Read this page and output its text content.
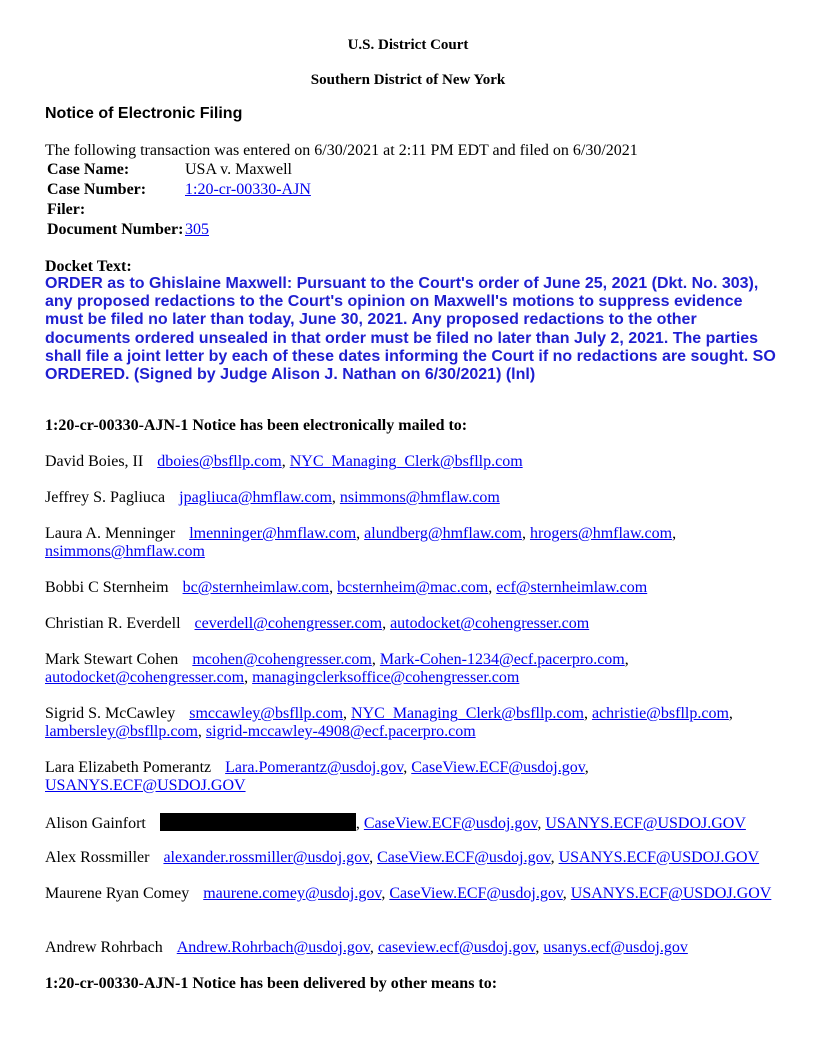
U.S. District Court
Southern District of New York
Notice of Electronic Filing
The following transaction was entered on 6/30/2021 at 2:11 PM EDT and filed on 6/30/2021
Case Name:	USA v. Maxwell
Case Number: 1:20-cr-00330-AJN
Filer:
Document Number: 305
Docket Text:
ORDER as to Ghislaine Maxwell: Pursuant to the Court's order of June 25, 2021 (Dkt. No. 303), any proposed redactions to the Court's opinion on Maxwell's motions to suppress evidence must be filed no later than today, June 30, 2021. Any proposed redactions to the other documents ordered unsealed in that order must be filed no later than July 2, 2021. The parties shall file a joint letter by each of these dates informing the Court if no redactions are sought. SO ORDERED. (Signed by Judge Alison J. Nathan on 6/30/2021) (lnl)
1:20-cr-00330-AJN-1 Notice has been electronically mailed to:
David Boies, II dboies@bsfllp.com, NYC_Managing_Clerk@bsfllp.com
Jeffrey S. Pagliuca jpagliuca@hmflaw.com, nsimmons@hmflaw.com
Laura A. Menninger lmenninger@hmflaw.com, alundberg@hmflaw.com, hrogers@hmflaw.com, nsimmons@hmflaw.com
Bobbi C Sternheim bc@sternheimlaw.com, bcsternheim@mac.com, ecf@sternheimlaw.com
Christian R. Everdell ceverdell@cohengresser.com, autodocket@cohengresser.com
Mark Stewart Cohen mcohen@cohengresser.com, Mark-Cohen-1234@ecf.pacerpro.com, autodocket@cohengresser.com, managingclerksoffice@cohengresser.com
Sigrid S. McCawley smccawley@bsfllp.com, NYC_Managing_Clerk@bsfllp.com, achristie@bsfllp.com, lambersley@bsfllp.com, sigrid-mccawley-4908@ecf.pacerpro.com
Lara Elizabeth Pomerantz Lara.Pomerantz@usdoj.gov, CaseView.ECF@usdoj.gov, USANYS.ECF@USDOJ.GOV
Alison Gainfort	, CaseView.ECF@usdoj.gov, USANYS.ECF@USDOJ.GOV
Alex Rossmiller alexander.rossmiller@usdoj.gov, CaseView.ECF@usdoj.gov, USANYS.ECF@USDOJ.GOV
Maurene Ryan Comey maurene.comey@usdoj.gov, CaseView.ECF@usdoj.gov, USANYS.ECF@USDOJ.GOV
Andrew Rohrbach Andrew.Rohrbach@usdoj.gov, caseview.ecf@usdoj.gov, usanys.ecf@usdoj.gov
1:20-cr-00330-AJN-1 Notice has been delivered by other means to:
